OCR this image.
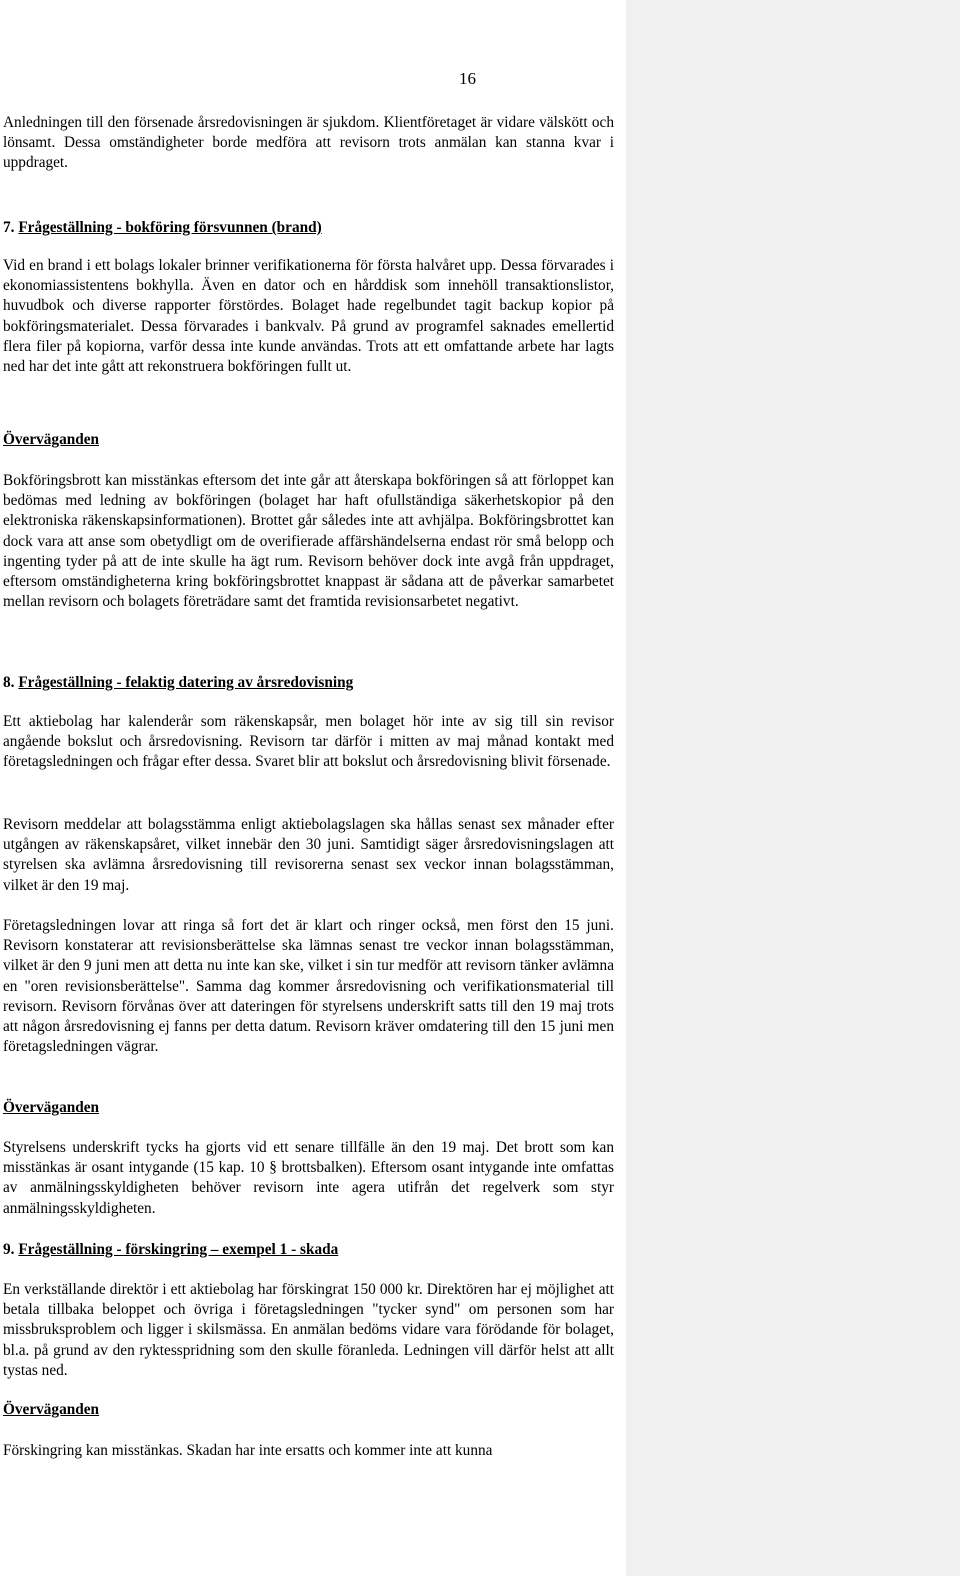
16

Anledningen till den försenade årsredovisningen är sjukdom. Klientföretaget är vidare välskött och lönsamt. Dessa omständigheter borde medföra att revisorn trots anmälan kan stanna kvar i uppdraget.

7. Frågeställning - bokföring försvunnen (brand)

Vid en brand i ett bolags lokaler brinner verifikationerna för första halvåret upp. Dessa förvarades i ekonomiassistentens bokhylla. Även en dator och en hårddisk som innehöll transaktionslistor, huvudbok och diverse rapporter förstördes. Bolaget hade regelbundet tagit backup kopior på bokföringsmaterialet. Dessa förvarades i bankvalv. På grund av programfel saknades emellertid flera filer på kopiorna, varför dessa inte kunde användas. Trots att ett omfattande arbete har lagts ned har det inte gått att rekonstruera bokföringen fullt ut.

Överväganden

Bokföringsbrott kan misstänkas eftersom det inte går att återskapa bokföringen så att förloppet kan bedömas med ledning av bokföringen (bolaget har haft ofullständiga säkerhetskopior på den elektroniska räkenskapsinformationen). Brottet går således inte att avhjälpa. Bokföringsbrottet kan dock vara att anse som obetydligt om de overifierade affärshändelserna endast rör små belopp och ingenting tyder på att de inte skulle ha ägt rum. Revisorn behöver dock inte avgå från uppdraget, eftersom omständigheterna kring bokföringsbrottet knappast är sådana att de påverkar samarbetet mellan revisorn och bolagets företrädare samt det framtida revisionsarbetet negativt.

8. Frågeställning - felaktig datering av årsredovisning

Ett aktiebolag har kalenderår som räkenskapsår, men bolaget hör inte av sig till sin revisor angående bokslut och årsredovisning. Revisorn tar därför i mitten av maj månad kontakt med företagsledningen och frågar efter dessa. Svaret blir att bokslut och årsredovisning blivit försenade.

Revisorn meddelar att bolagsstämma enligt aktiebolagslagen ska hållas senast sex månader efter utgången av räkenskapsåret, vilket innebär den 30 juni. Samtidigt säger årsredovisningslagen att styrelsen ska avlämna årsredovisning till revisorerna senast sex veckor innan bolagsstämman, vilket är den 19 maj.

Företagsledningen lovar att ringa så fort det är klart och ringer också, men först den 15 juni. Revisorn konstaterar att revisionsberättelse ska lämnas senast tre veckor innan bolagsstämman, vilket är den 9 juni men att detta nu inte kan ske, vilket i sin tur medför att revisorn tänker avlämna en "oren revisionsberättelse". Samma dag kommer årsredovisning och verifikationsmaterial till revisorn. Revisorn förvånas över att dateringen för styrelsens underskrift satts till den 19 maj trots att någon årsredovisning ej fanns per detta datum. Revisorn kräver omdatering till den 15 juni men företagsledningen vägrar.

Överväganden

Styrelsens underskrift tycks ha gjorts vid ett senare tillfälle än den 19 maj. Det brott som kan misstänkas är osant intygande (15 kap. 10 § brottsbalken). Eftersom osant intygande inte omfattas av anmälningsskyldigheten behöver revisorn inte agera utifrån det regelverk som styr anmälningsskyldigheten.

9. Frågeställning - förskingring – exempel 1 - skada

En verkställande direktör i ett aktiebolag har förskingrat 150 000 kr. Direktören har ej möjlighet att betala tillbaka beloppet och övriga i företagsledningen "tycker synd" om personen som har missbruksproblem och ligger i skilsmässa. En anmälan bedöms vidare vara förödande för bolaget, bl.a. på grund av den ryktesspridning som den skulle föranleda. Ledningen vill därför helst att allt tystas ned.

Överväganden

Förskingring kan misstänkas. Skadan har inte ersatts och kommer inte att kunna
